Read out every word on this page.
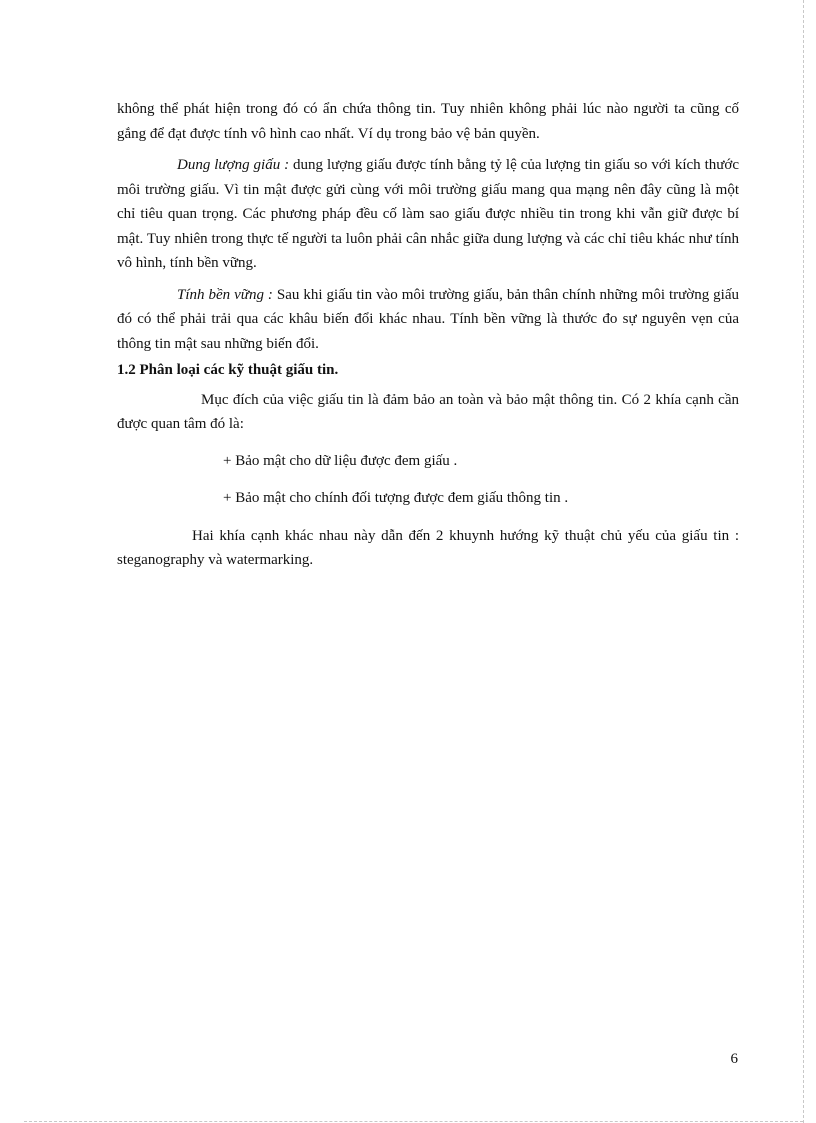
không thể phát hiện trong đó có ẩn chứa thông tin. Tuy nhiên không phải lúc nào người ta cũng cố gắng để đạt được tính vô hình cao nhất. Ví dụ trong bảo vệ bản quyền.

Dung lượng giấu : dung lượng giấu được tính bằng tỷ lệ của lượng tin giấu so với kích thước môi trường giấu. Vì tin mật được gửi cùng với môi trường giấu mang qua mạng nên đây cũng là một chỉ tiêu quan trọng. Các phương pháp đều cố làm sao giấu được nhiều tin trong khi vẫn giữ được bí mật. Tuy nhiên trong thực tế người ta luôn phải cân nhắc giữa dung lượng và các chỉ tiêu khác như tính vô hình, tính bền vững.

Tính bền vững : Sau khi giấu tin vào môi trường giấu, bản thân chính những môi trường giấu đó có thể phải trải qua các khâu biến đổi khác nhau. Tính bền vững là thước đo sự nguyên vẹn của thông tin mật sau những biến đổi.

1.2 Phân loại các kỹ thuật giấu tin.

Mục đích của việc giấu tin là đảm bảo an toàn và bảo mật thông tin. Có 2 khía cạnh cần được quan tâm đó là:

+ Bảo mật cho dữ liệu được đem giấu .

+ Bảo mật cho chính đối tượng được đem giấu thông tin .

Hai khía cạnh khác nhau này dẫn đến 2 khuynh hướng kỹ thuật chủ yếu của giấu tin : steganography và watermarking.

6
